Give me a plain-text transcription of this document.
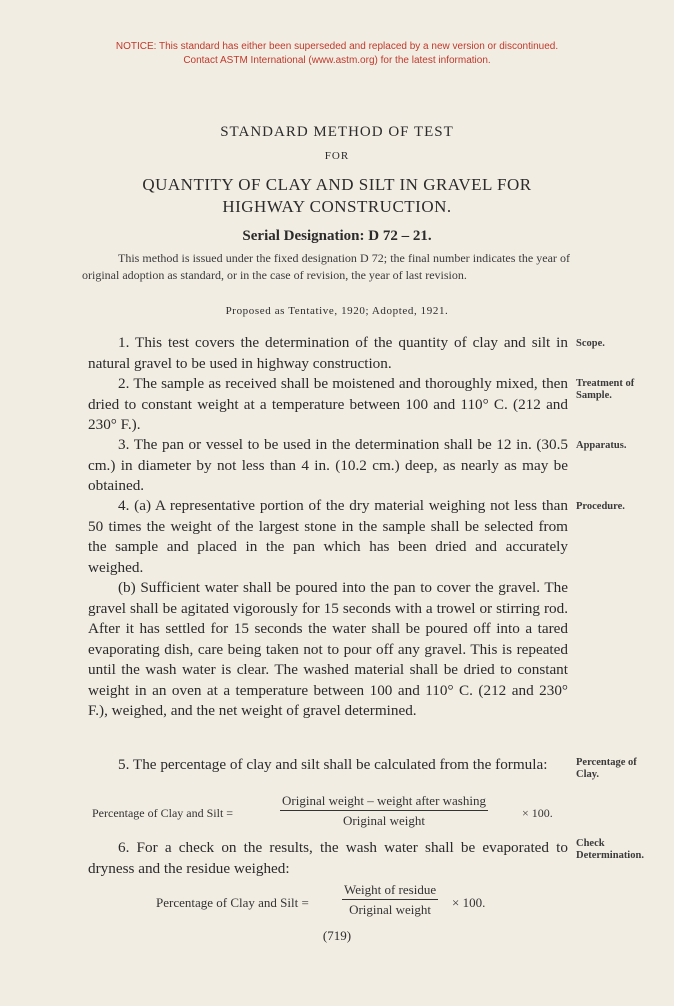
NOTICE: This standard has either been superseded and replaced by a new version or discontinued.
Contact ASTM International (www.astm.org) for the latest information.
STANDARD METHOD OF TEST
FOR
QUANTITY OF CLAY AND SILT IN GRAVEL FOR
HIGHWAY CONSTRUCTION.
Serial Designation: D 72 – 21.
This method is issued under the fixed designation D 72; the final number indicates the year of original adoption as standard, or in the case of revision, the year of last revision.
Proposed as Tentative, 1920; Adopted, 1921.
1. This test covers the determination of the quantity of clay and silt in natural gravel to be used in highway construction.
Scope.
2. The sample as received shall be moistened and thoroughly mixed, then dried to constant weight at a temperature between 100 and 110° C. (212 and 230° F.).
Treatment of Sample.
3. The pan or vessel to be used in the determination shall be 12 in. (30.5 cm.) in diameter by not less than 4 in. (10.2 cm.) deep, as nearly as may be obtained.
Apparatus.
4. (a) A representative portion of the dry material weighing not less than 50 times the weight of the largest stone in the sample shall be selected from the sample and placed in the pan which has been dried and accurately weighed.
Procedure.
(b) Sufficient water shall be poured into the pan to cover the gravel. The gravel shall be agitated vigorously for 15 seconds with a trowel or stirring rod. After it has settled for 15 seconds the water shall be poured off into a tared evaporating dish, care being taken not to pour off any gravel. This is repeated until the wash water is clear. The washed material shall be dried to constant weight in an oven at a temperature between 100 and 110° C. (212 and 230° F.), weighed, and the net weight of gravel determined.
5. The percentage of clay and silt shall be calculated from the formula:	Percentage of Clay.
Percentage of Clay and Silt =
Original weight – weight after washing
Original weight	× 100.
6. For a check on the results, the wash water shall be evaporated to dryness and the residue weighed:
Check Determination.
Percentage of Clay and Silt =
Weight of residue
Original weight	× 100.
(719)
